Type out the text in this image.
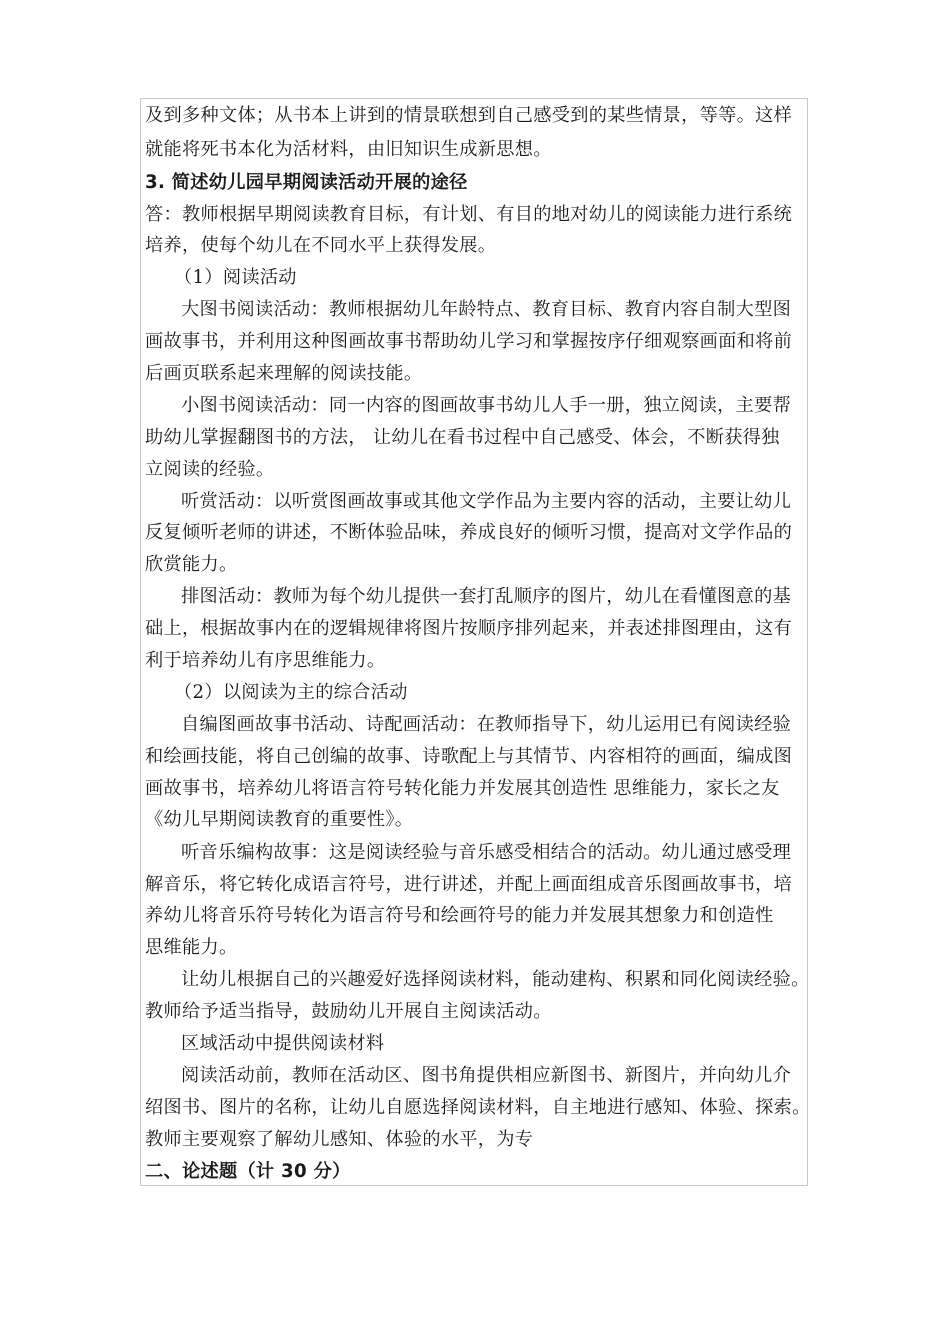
及到多种文体；从书本上讲到的情景联想到自己感受到的某些情景，等等。这样
就能将死书本化为活材料，由旧知识生成新思想。
3. 简述幼儿园早期阅读活动开展的途径
答：教师根据早期阅读教育目标，有计划、有目的地对幼儿的阅读能力进行系统
培养，使每个幼儿在不同水平上获得发展。
（1）阅读活动
大图书阅读活动：教师根据幼儿年龄特点、教育目标、教育内容自制大型图
画故事书，并利用这种图画故事书帮助幼儿学习和掌握按序仔细观察画面和将前
后画页联系起来理解的阅读技能。
小图书阅读活动：同一内容的图画故事书幼儿人手一册，独立阅读，主要帮
助幼儿掌握翻图书的方法， 让幼儿在看书过程中自己感受、体会，不断获得独
立阅读的经验。
听赏活动：以听赏图画故事或其他文学作品为主要内容的活动，主要让幼儿
反复倾听老师的讲述，不断体验品味，养成良好的倾听习惯，提高对文学作品的
欣赏能力。
排图活动：教师为每个幼儿提供一套打乱顺序的图片，幼儿在看懂图意的基
础上，根据故事内在的逻辑规律将图片按顺序排列起来，并表述排图理由，这有
利于培养幼儿有序思维能力。
（2）以阅读为主的综合活动
自编图画故事书活动、诗配画活动：在教师指导下，幼儿运用已有阅读经验
和绘画技能，将自己创编的故事、诗歌配上与其情节、内容相符的画面，编成图
画故事书，培养幼儿将语言符号转化能力并发展其创造性 思维能力，家长之友
《幼儿早期阅读教育的重要性》。
听音乐编构故事：这是阅读经验与音乐感受相结合的活动。幼儿通过感受理
解音乐，将它转化成语言符号，进行讲述，并配上画面组成音乐图画故事书，培
养幼儿将音乐符号转化为语言符号和绘画符号的能力并发展其想象力和创造性
思维能力。
让幼儿根据自己的兴趣爱好选择阅读材料，能动建构、积累和同化阅读经验。
教师给予适当指导，鼓励幼儿开展自主阅读活动。
区域活动中提供阅读材料
阅读活动前，教师在活动区、图书角提供相应新图书、新图片，并向幼儿介
绍图书、图片的名称，让幼儿自愿选择阅读材料，自主地进行感知、体验、探索。
教师主要观察了解幼儿感知、体验的水平，为专
二、论述题（计 30 分）
